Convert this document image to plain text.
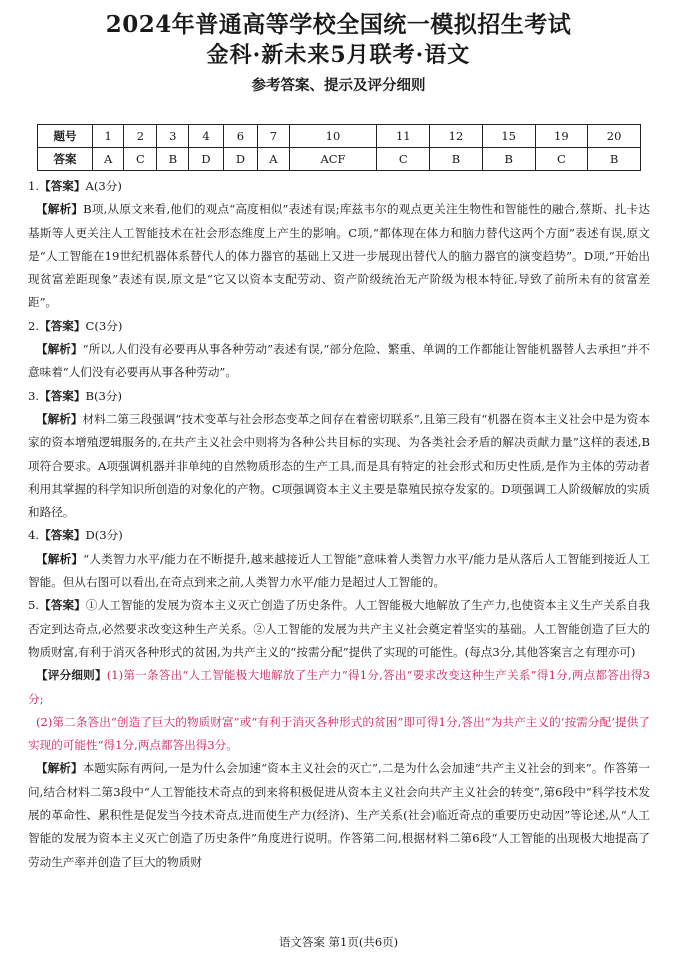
2024年普通高等学校全国统一模拟招生考试
金科·新未来5月联考·语文
参考答案、提示及评分细则
题号	1	2	3	4	6	7	10	11	12	15	19	20
答案	A	C	B	D	D	A	ACF	C	B	B	C	B

1.【答案】A(3分)

【解析】B项,从原文来看,他们的观点“高度相似”表述有误;库兹韦尔的观点更关注生物性和智能性的融合,蔡斯、扎卡达基斯等人更关注人工智能技术在社会形态维度上产生的影响。C项,“都体现在体力和脑力替代这两个方面”表述有误,原文是“人工智能在19世纪机器体系替代人的体力器官的基础上又进一步展现出替代人的脑力器官的演变趋势”。D项,“开始出现贫富差距现象”表述有误,原文是“它又以资本支配劳动、资产阶级统治无产阶级为根本特征,导致了前所未有的贫富差距”。

2.【答案】C(3分)

【解析】“所以,人们没有必要再从事各种劳动”表述有误,“部分危险、繁重、单调的工作都能让智能机器替人去承担”并不意味着“人们没有必要再从事各种劳动”。

3.【答案】B(3分)

【解析】材料二第三段强调“技术变革与社会形态变革之间存在着密切联系”,且第三段有“机器在资本主义社会中是为资本家的资本增殖逻辑服务的,在共产主义社会中则将为各种公共目标的实现、为各类社会矛盾的解决贡献力量”这样的表述,B项符合要求。A项强调机器并非单纯的自然物质形态的生产工具,而是具有特定的社会形式和历史性质,是作为主体的劳动者利用其掌握的科学知识所创造的对象化的产物。C项强调资本主义主要是靠殖民掠夺发家的。D项强调工人阶级解放的实质和路径。

4.【答案】D(3分)

【解析】“人类智力水平/能力在不断提升,越来越接近人工智能”意味着人类智力水平/能力是从落后人工智能到接近人工智能。但从右图可以看出,在奇点到来之前,人类智力水平/能力是超过人工智能的。

5.【答案】①人工智能的发展为资本主义灭亡创造了历史条件。人工智能极大地解放了生产力,也使资本主义生产关系自我否定到达奇点,必然要求改变这种生产关系。②人工智能的发展为共产主义社会奠定着坚实的基础。人工智能创造了巨大的物质财富,有利于消灭各种形式的贫困,为共产主义的“按需分配”提供了实现的可能性。(每点3分,其他答案言之有理亦可)

【评分细则】(1)第一条答出“人工智能极大地解放了生产力”得1分,答出“要求改变这种生产关系”得1分,两点都答出得3分;

(2)第二条答出“创造了巨大的物质财富”或“有利于消灭各种形式的贫困”即可得1分,答出“为共产主义的‘按需分配’提供了实现的可能性”得1分,两点都答出得3分。

【解析】本题实际有两问,一是为什么会加速“资本主义社会的灭亡”,二是为什么会加速“共产主义社会的到来”。作答第一问,结合材料二第3段中“人工智能技术奇点的到来将积极促进从资本主义社会向共产主义社会的转变”,第6段中“科学技术发展的革命性、累积性是促发当今技术奇点,进而使生产力(经济)、生产关系(社会)临近奇点的重要历史动因”等论述,从“人工智能的发展为资本主义灭亡创造了历史条件”角度进行说明。作答第二问,根据材料二第6段“人工智能的出现极大地提高了劳动生产率并创造了巨大的物质财

语文答案 第1页(共6页)
